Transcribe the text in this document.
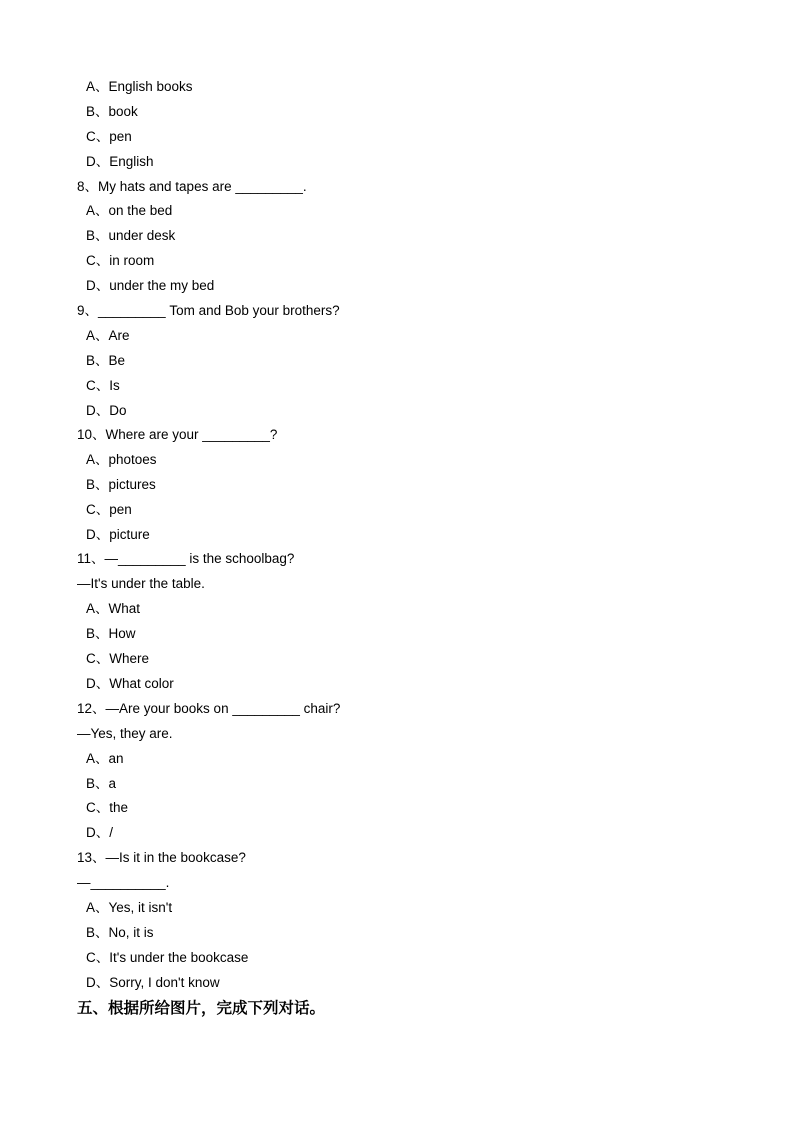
A、English books
B、book
C、pen
D、English
8、My hats and tapes are _________.
A、on the bed
B、under desk
C、in room
D、under the my bed
9、_________ Tom and Bob your brothers?
A、Are
B、Be
C、Is
D、Do
10、Where are your _________?
A、photoes
B、pictures
C、pen
D、picture
11、—_________ is the schoolbag?
—It's under the table.
A、What
B、How
C、Where
D、What color
12、—Are your books on _________ chair?
—Yes, they are.
A、an
B、a
C、the
D、/
13、—Is it in the bookcase?
—__________.
A、Yes, it isn't
B、No, it is
C、It's under the bookcase
D、Sorry, I don't know
五、根据所给图片，完成下列对话。
